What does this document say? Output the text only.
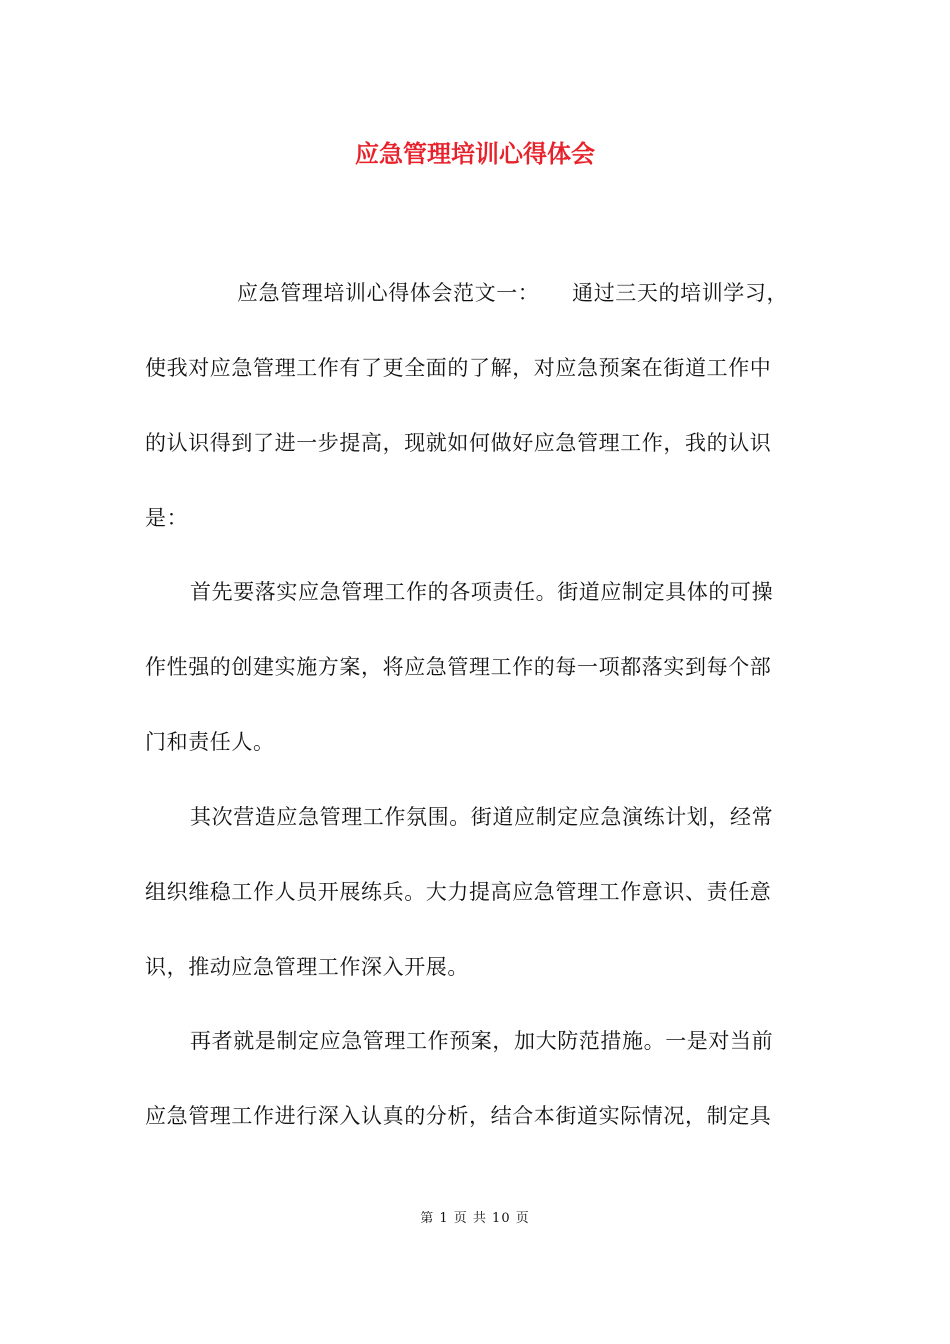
应急管理培训心得体会
应急管理培训心得体会范文一：　　通过三天的培训学习，
使我对应急管理工作有了更全面的了解，对应急预案在街道工作中
的认识得到了进一步提高，现就如何做好应急管理工作，我的认识
是：
首先要落实应急管理工作的各项责任。街道应制定具体的可操
作性强的创建实施方案，将应急管理工作的每一项都落实到每个部
门和责任人。
其次营造应急管理工作氛围。街道应制定应急演练计划，经常
组织维稳工作人员开展练兵。大力提高应急管理工作意识、责任意
识，推动应急管理工作深入开展。
再者就是制定应急管理工作预案，加大防范措施。一是对当前
应急管理工作进行深入认真的分析，结合本街道实际情况，制定具
第 1 页 共 10 页
